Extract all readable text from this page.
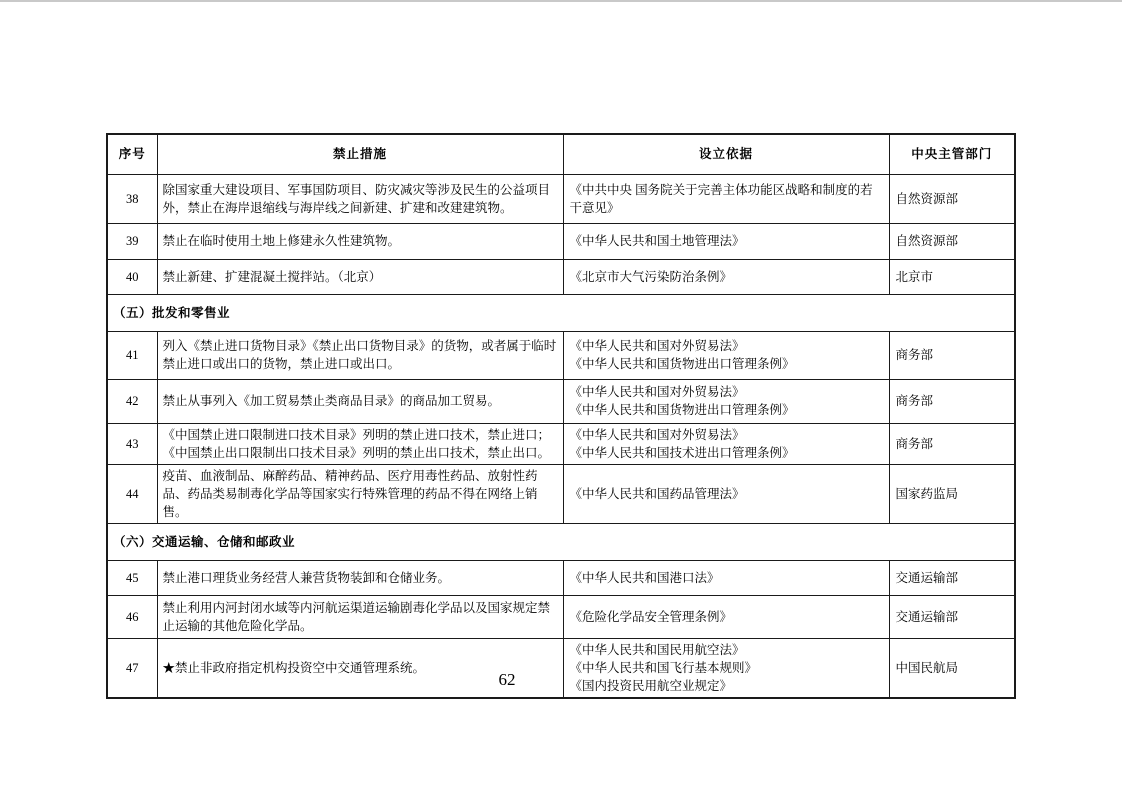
序号	禁止措施	设立依据	中央主管部门
38	除国家重大建设项目、军事国防项目、防灾减灾等涉及民生的公益项目外，禁止在海岸退缩线与海岸线之间新建、扩建和改建建筑物。	《中共中央 国务院关于完善主体功能区战略和制度的若干意见》	自然资源部
39	禁止在临时使用土地上修建永久性建筑物。	《中华人民共和国土地管理法》	自然资源部
40	禁止新建、扩建混凝土搅拌站。（北京）	《北京市大气污染防治条例》	北京市
（五）批发和零售业			
41	列入《禁止进口货物目录》《禁止出口货物目录》的货物，或者属于临时禁止进口或出口的货物，禁止进口或出口。	《中华人民共和国对外贸易法》
《中华人民共和国货物进出口管理条例》	商务部
42	禁止从事列入《加工贸易禁止类商品目录》的商品加工贸易。	《中华人民共和国对外贸易法》
《中华人民共和国货物进出口管理条例》	商务部
43	《中国禁止进口限制进口技术目录》列明的禁止进口技术，禁止进口；《中国禁止出口限制出口技术目录》列明的禁止出口技术，禁止出口。	《中华人民共和国对外贸易法》
《中华人民共和国技术进出口管理条例》	商务部
44	疫苗、血液制品、麻醉药品、精神药品、医疗用毒性药品、放射性药品、药品类易制毒化学品等国家实行特殊管理的药品不得在网络上销售。	《中华人民共和国药品管理法》	国家药监局
（六）交通运输、仓储和邮政业			
45	禁止港口理货业务经营人兼营货物装卸和仓储业务。	《中华人民共和国港口法》	交通运输部
46	禁止利用内河封闭水域等内河航运渠道运输剧毒化学品以及国家规定禁止运输的其他危险化学品。	《危险化学品安全管理条例》	交通运输部
47	★禁止非政府指定机构投资空中交通管理系统。	《中华人民共和国民用航空法》
《中华人民共和国飞行基本规则》
《国内投资民用航空业规定》	中国民航局
62
